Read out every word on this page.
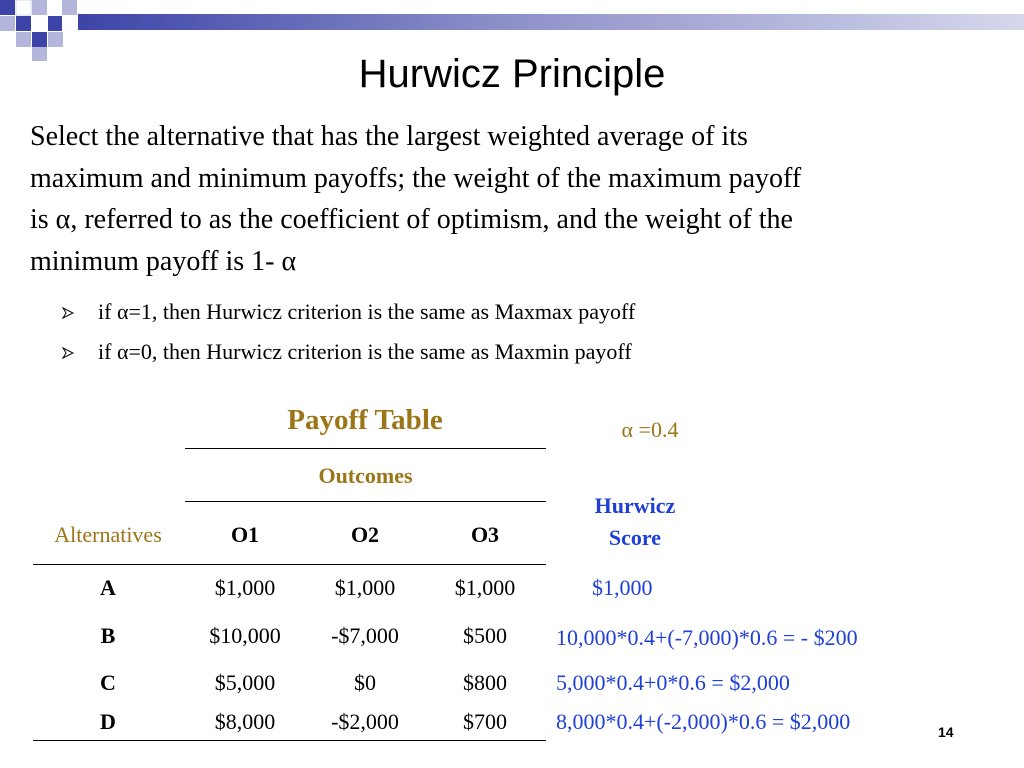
Hurwicz Principle
Select the alternative that has the largest weighted average of its
maximum and minimum payoffs; the weight of the maximum payoff
is α, referred to as the coefficient of optimism, and the weight of the
minimum payoff is 1- α
if α=1, then Hurwicz criterion is the same as Maxmax payoff
if α=0, then Hurwicz criterion is the same as Maxmin payoff
Payoff Table	α =0.4
Outcomes
Alternatives	O1	O2	O3
Hurwicz
Score
A	$1,000	$1,000	$1,000	$1,000
B	$10,000	-$7,000	$500	10,000*0.4+(-7,000)*0.6 = - $200
C	$5,000	$0	$800	5,000*0.4+0*0.6 = $2,000
D	$8,000	-$2,000	$700	8,000*0.4+(-2,000)*0.6 = $2,000	14
